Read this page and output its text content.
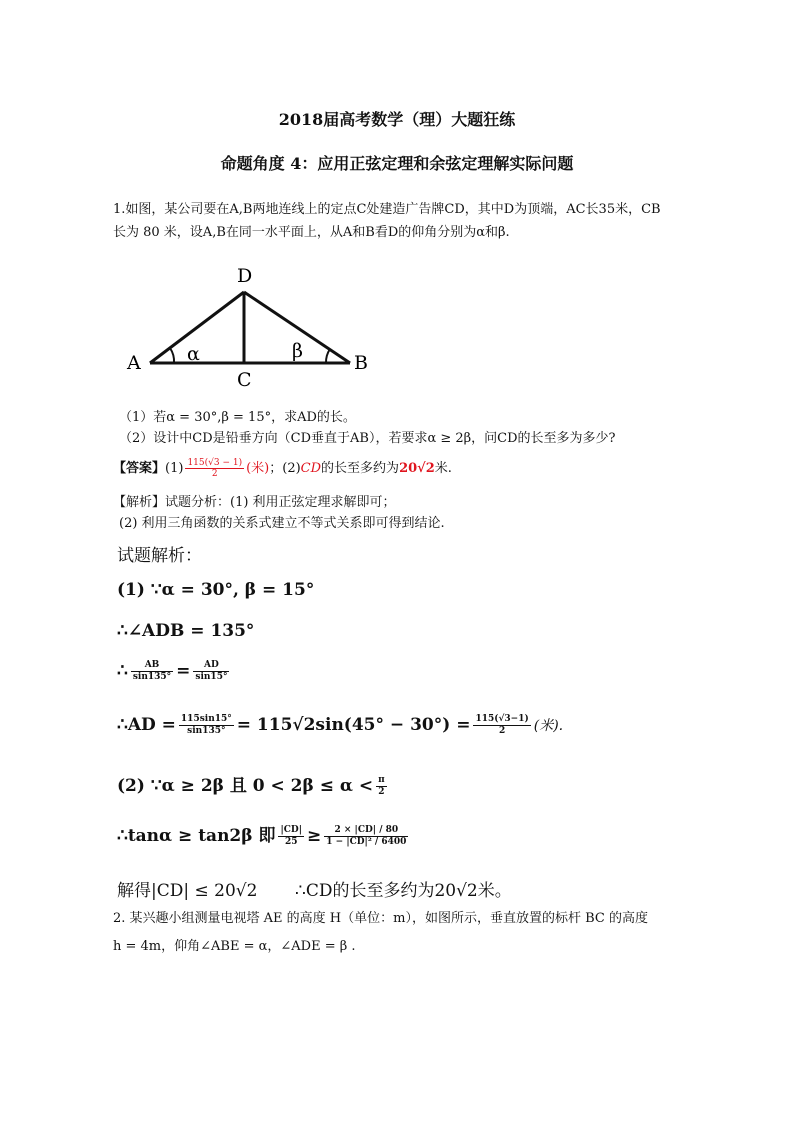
2018届高考数学（理）大题狂练
命题角度 4：应用正弦定理和余弦定理解实际问题
1.如图，某公司要在A,B两地连线上的定点C处建造广告牌CD，其中D为顶端，AC长35米，CB
长为 80 米，设A,B在同一水平面上，从A和B看D的仰角分别为α和β.
A	B
C
D
α	β
（1）若α = 30°,β = 15°，求AD的长。
（2）设计中CD是铅垂方向（CD垂直于AB），若要求α ≥ 2β，问CD的长至多为多少?
【答案】$(1) \frac{115(√3 - 1)}{2}$ (米)；(2)CD的长至多约为20√2米.
【解析】试题分析：(1) 利用正弦定理求解即可；
(2) 利用三角函数的关系式建立不等式关系即可得到结论.
试题解析：
(1) ∵α = 30°, β = 15°
∴∠ADB = 135°
∴ $\frac{AB}{\sin 135^\circ} = \frac{AD}{\sin 15^\circ}$
∴AD = $\frac{115\sin 15^\circ}{\sin 135^\circ} = 115√2\sin(45^\circ - 30^\circ) = \frac{115(√3-1)}{2}$ (米).
(2) ∵α ≥ 2β 且 $0 < 2\beta \le \alpha < \frac{\pi}{2}$
∴tanα ≥ tan2β 即 $\frac{|CD|}{25} \ge \frac{2 \times |CD| / 80}{\text{1 − |CD|² / 6400}}$
解得|CD| ≤ 20√2 ∴CD的长至多约为20√2米。
2. 某兴趣小组测量电视塔 AE 的高度 H（单位：m），如图所示，垂直放置的标杆 BC 的高度
h = 4m，仰角∠ABE = α，∠ADE = β .
